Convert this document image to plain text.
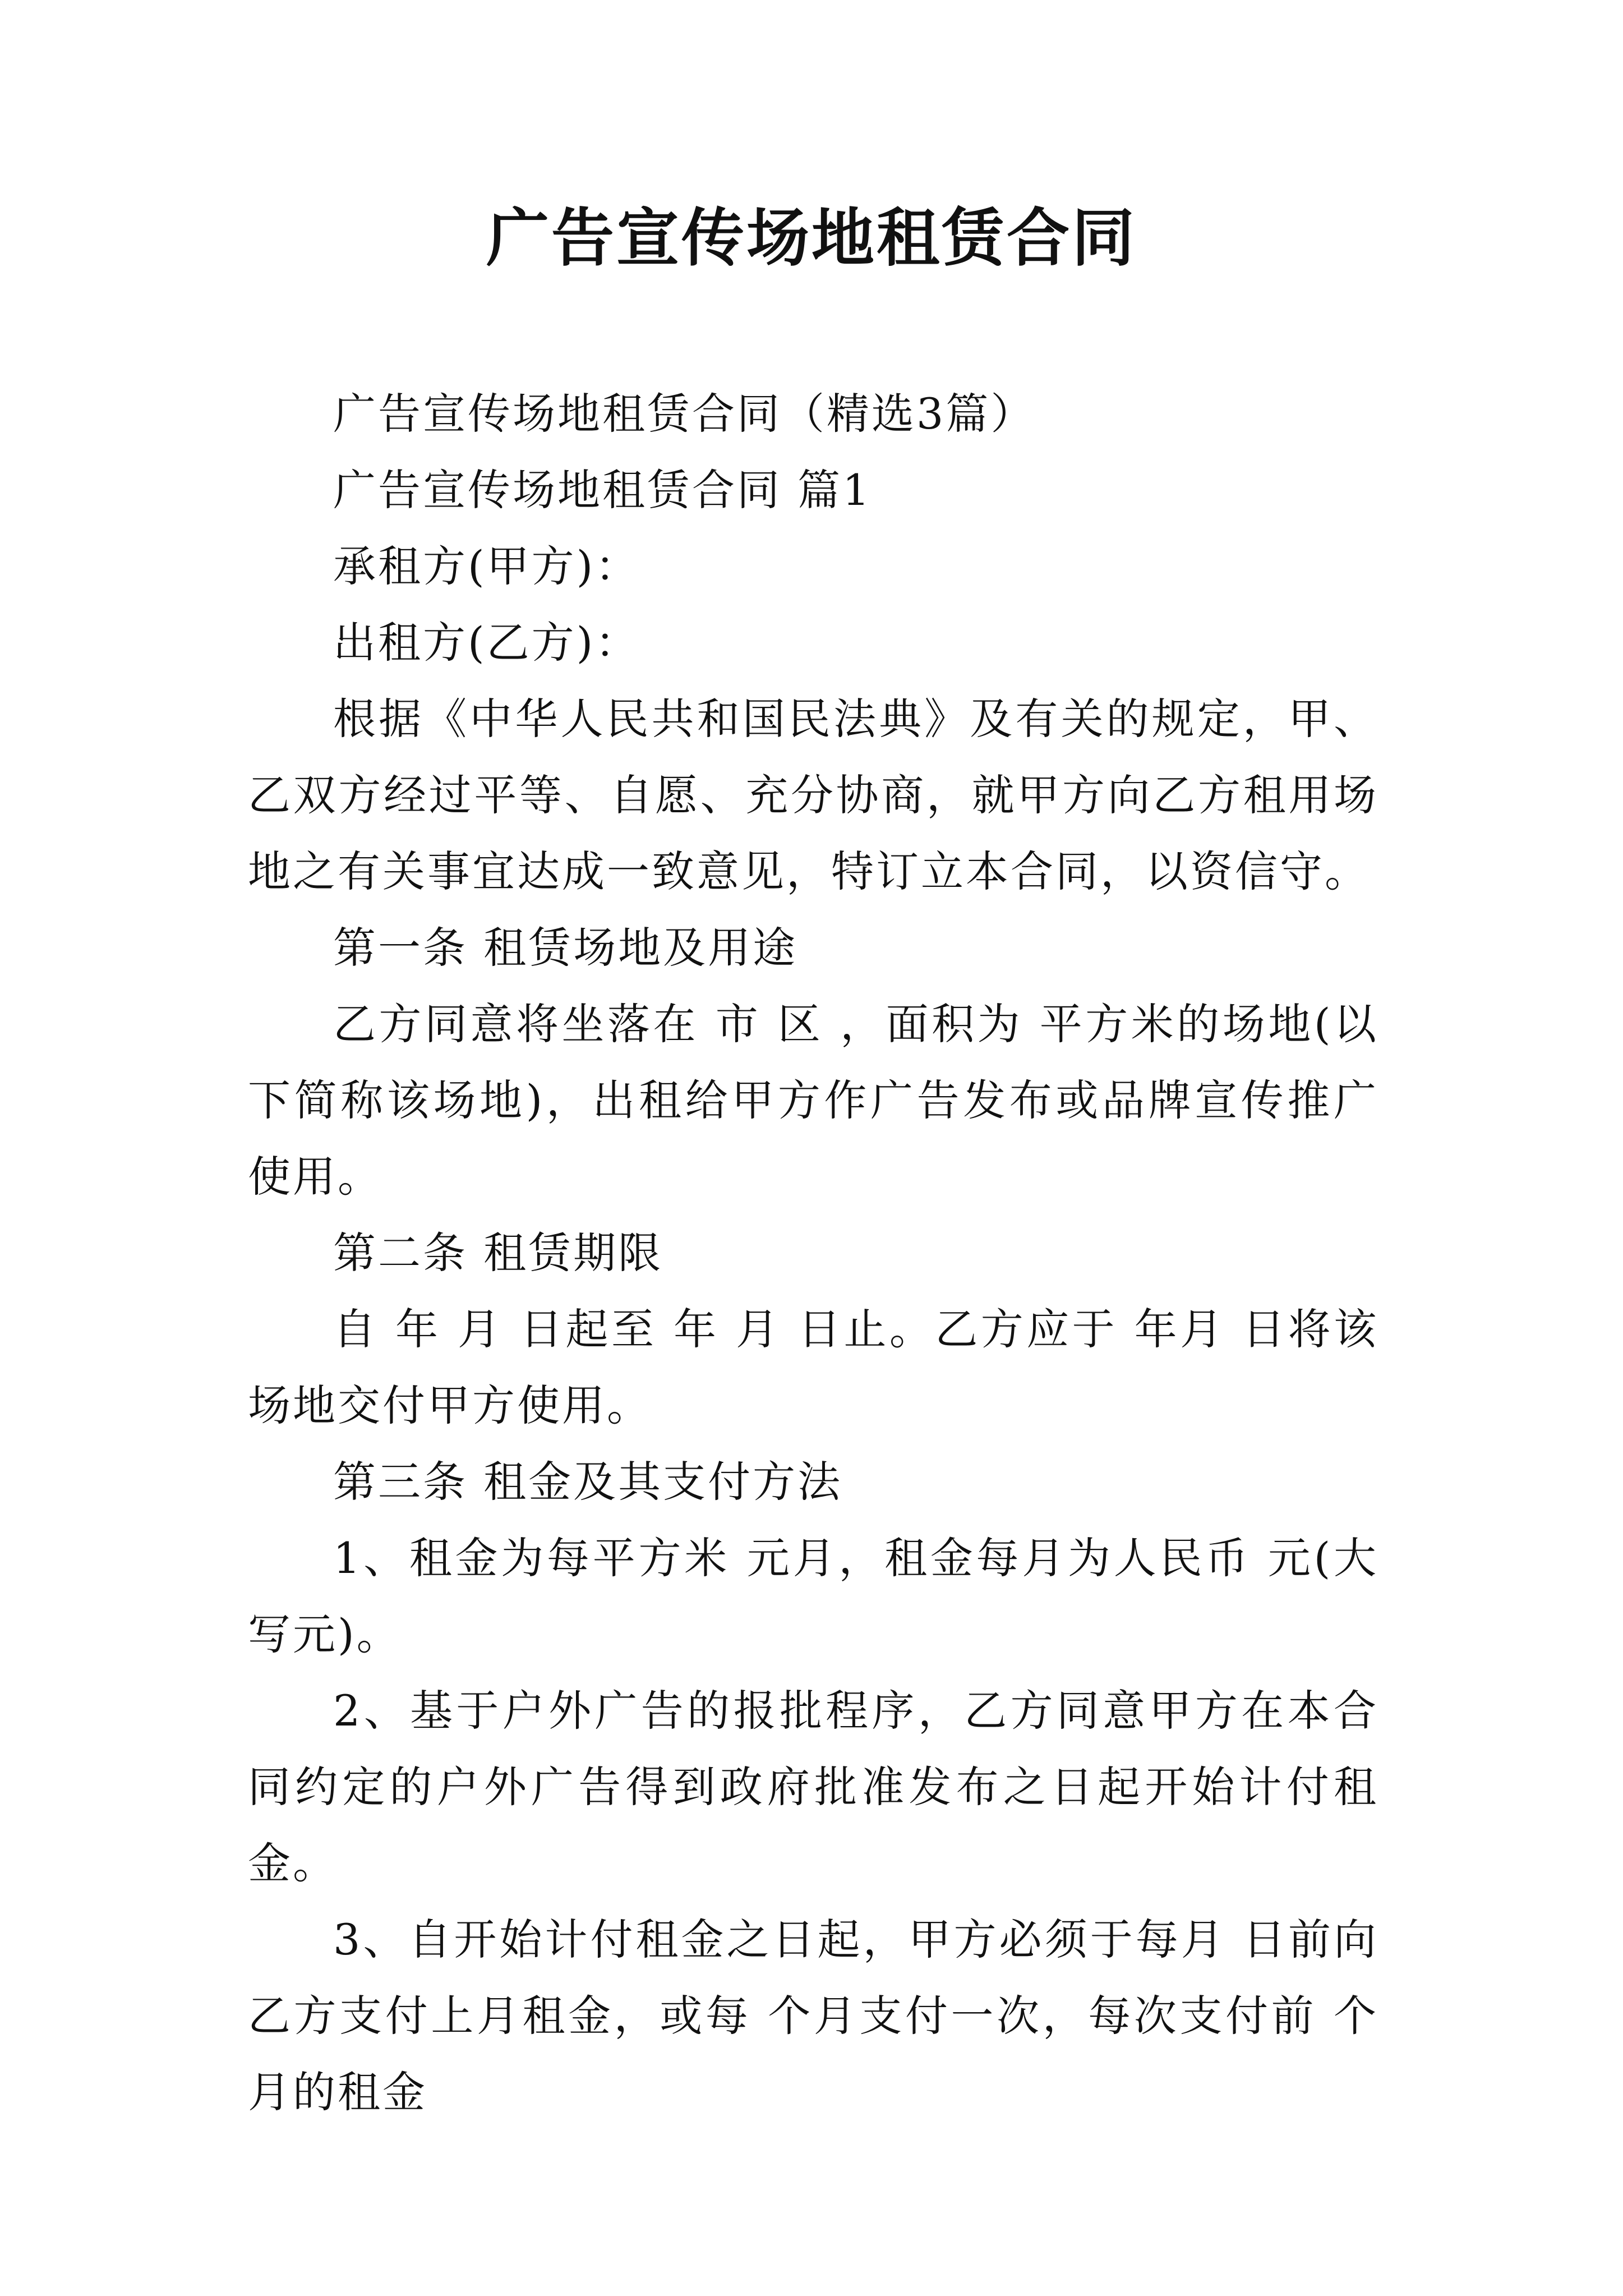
广告宣传场地租赁合同

广告宣传场地租赁合同（精选3篇）

广告宣传场地租赁合同 篇1

承租方(甲方)：

出租方(乙方)：

根据《中华人民共和国民法典》及有关的规定，甲、乙双方经过平等、自愿、充分协商，就甲方向乙方租用场地之有关事宜达成一致意见，特订立本合同，以资信守。

第一条 租赁场地及用途

乙方同意将坐落在 市 区 ，面积为 平方米的场地(以下简称该场地)，出租给甲方作广告发布或品牌宣传推广使用。

第二条 租赁期限

自 年 月 日起至 年 月 日止。乙方应于 年月 日将该场地交付甲方使用。

第三条 租金及其支付方法

1、租金为每平方米 元月，租金每月为人民币 元(大写元)。

2、基于户外广告的报批程序，乙方同意甲方在本合同约定的户外广告得到政府批准发布之日起开始计付租金。

3、自开始计付租金之日起，甲方必须于每月 日前向乙方支付上月租金，或每 个月支付一次，每次支付前 个月的租金
